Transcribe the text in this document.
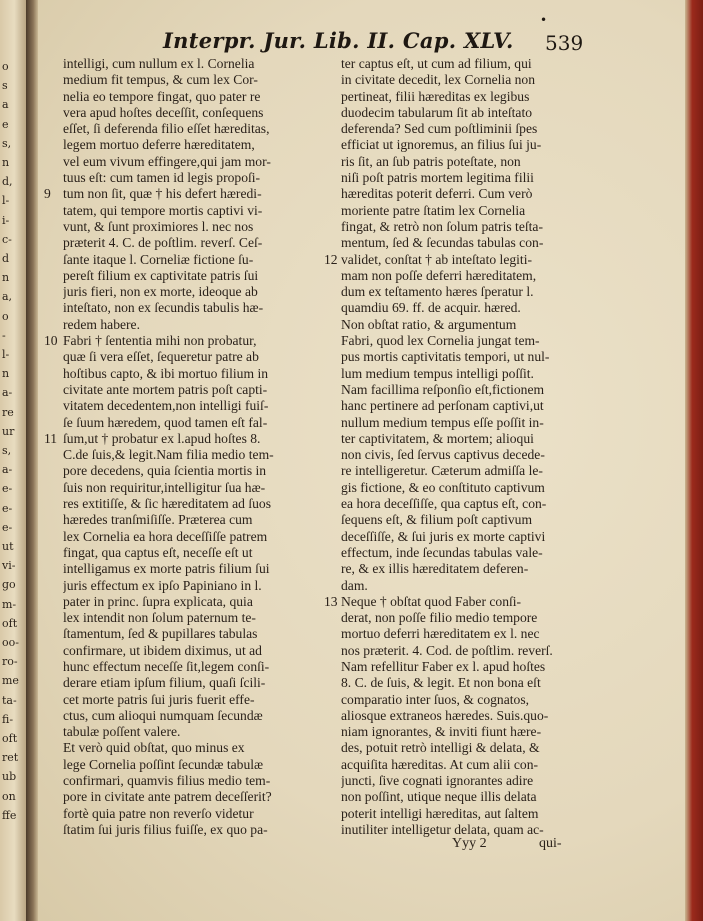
o
s
a
e
s,
n
d,
l-
i-
c-
d
n
a,
o
-
l-
n
a-
re
ur
s,
a-
e-
e-
e-
ut
vi-
go
m-
oft
oo-
ro-
me
ta-
fi-
oft
ret
ub
on
ffe
•
Interpr. Jur. Lib. II. Cap. XLV. 539
intelligi, cum nullum ex l. Cornelia
medium fit tempus, & cum lex Cor-
nelia eo tempore fingat, quo pater re
vera apud hoſtes deceſſit, conſequens
eſſet, ſi deferenda filio eſſet hæreditas,
legem mortuo deferre hæreditatem,
vel eum vivum effingere,qui jam mor-
tuus eſt: cum tamen id legis propoſi-
tum non ſit, quæ † his defert hæredi-
tatem, qui tempore mortis captivi vi-
vunt, & ſunt proximiores l. nec nos
præterit 4. C. de poſtlim. reverſ. Ceſ-
ſante itaque l. Corneliæ fictione ſu-
pereſt filium ex captivitate patris ſui
juris fieri, non ex morte, ideoque ab
inteſtato, non ex ſecundis tabulis hæ-
redem habere.
Fabri † ſententia mihi non probatur,
quæ ſi vera eſſet, ſequeretur patre ab
hoſtibus capto, & ibi mortuo filium in
civitate ante mortem patris poſt capti-
vitatem decedentem,non intelligi fuiſ-
ſe ſuum hæredem, quod tamen eſt fal-
ſum,ut † probatur ex l.apud hoſtes 8.
C.de ſuis,& legit.Nam filia medio tem-
pore decedens, quia ſcientia mortis in
ſuis non requiritur,intelligitur ſua hæ-
res extitiſſe, & ſic hæreditatem ad ſuos
hæredes tranſmiſiſſe. Præterea cum
lex Cornelia ea hora deceſſiſſe patrem
fingat, qua captus eſt, neceſſe eſt ut
intelligamus ex morte patris filium ſui
juris effectum ex ipſo Papiniano in l.
pater in princ. ſupra explicata, quia
lex intendit non ſolum paternum te-
ſtamentum, ſed & pupillares tabulas
confirmare, ut ibidem diximus, ut ad
hunc effectum neceſſe ſit,legem conſi-
derare etiam ipſum filium, quaſi ſcili-
cet morte patris ſui juris fuerit effe-
ctus, cum alioqui numquam ſecundæ
tabulæ poſſent valere.
Et verò quid obſtat, quo minus ex
lege Cornelia poſſint ſecundæ tabulæ
confirmari, quamvis filius medio tem-
pore in civitate ante patrem deceſſerit?
fortè quia patre non reverſo videtur
ſtatim ſui juris filius fuiſſe, ex quo pa-
ter captus eſt, ut cum ad filium, qui
in civitate decedit, lex Cornelia non
pertineat, filii hæreditas ex legibus
duodecim tabularum ſit ab inteſtato
deferenda? Sed cum poſtliminii ſpes
efficiat ut ignoremus, an filius ſui ju-
ris ſit, an ſub patris poteſtate, non
niſi poſt patris mortem legitima filii
hæreditas poterit deferri. Cum verò
moriente patre ſtatim lex Cornelia
fingat, & retrò non ſolum patris teſta-
mentum, ſed & ſecundas tabulas con-
validet, conſtat † ab inteſtato legiti-
mam non poſſe deferri hæreditatem,
dum ex teſtamento hæres ſperatur l.
quamdiu 69. ff. de acquir. hæred.
Non obſtat ratio, & argumentum
Fabri, quod lex Cornelia jungat tem-
pus mortis captivitatis tempori, ut nul-
lum medium tempus intelligi poſſit.
Nam facillima reſponſio eſt,fictionem
hanc pertinere ad perſonam captivi,ut
nullum medium tempus eſſe poſſit in-
ter captivitatem, & mortem; alioqui
non civis, ſed ſervus captivus decede-
re intelligeretur. Cæterum admiſſa le-
gis fictione, & eo conſtituto captivum
ea hora deceſſiſſe, qua captus eſt, con-
ſequens eſt, & filium poſt captivum
deceſſiſſe, & ſui juris ex morte captivi
effectum, inde ſecundas tabulas vale-
re, & ex illis hæreditatem deferen-
dam.
Neque † obſtat quod Faber conſi-
derat, non poſſe filio medio tempore
mortuo deferri hæreditatem ex l. nec
nos præterit. 4. Cod. de poſtlim. reverſ.
Nam refellitur Faber ex l. apud hoſtes
8. C. de ſuis, & legit. Et non bona eſt
comparatio inter ſuos, & cognatos,
aliosque extraneos hæredes. Suis.quo-
niam ignorantes, & inviti fiunt hære-
des, potuit retrò intelligi & delata, &
acquiſita hæreditas. At cum alii con-
juncti, ſive cognati ignorantes adire
non poſſint, utique neque illis delata
poterit intelligi hæreditas, aut ſaltem
inutiliter intelligetur delata, quam ac-
9
10
11
12
13
Yyy 2	qui-
